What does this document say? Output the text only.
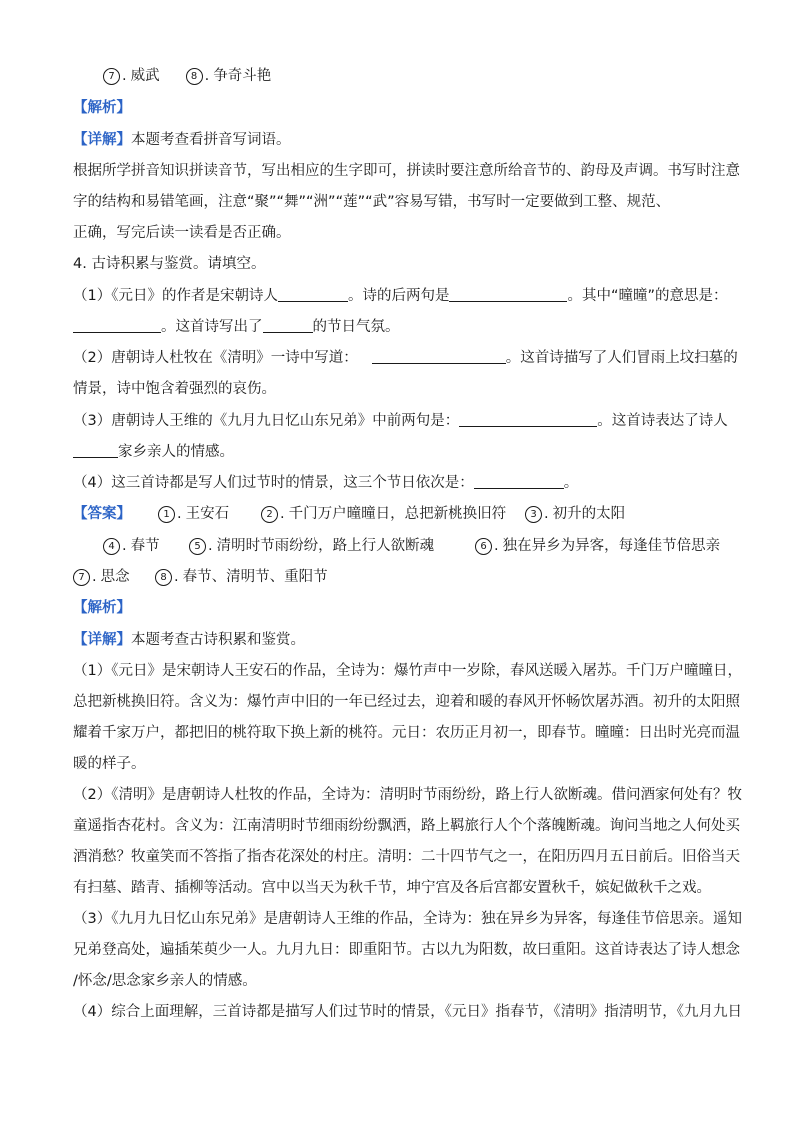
7 . 威武	8 . 争奇斗艳
【解析】
【详解】本题考查看拼音写词语。
根据所学拼音知识拼读音节，写出相应的生字即可，拼读时要注意所给音节的、韵母及声调。书写时注意
字的结构和易错笔画，注意“聚”“舞”“洲”“莲”“武”容易写错，书写时一定要做到工整、规范、
正确，写完后读一读看是否正确。
4. 古诗积累与鉴赏。请填空。
（1）《元日》的作者是宋朝诗人	。诗的后两句是	。其中“曈曈”的意思是：
。这首诗写出了	的节日气氛。
（2）唐朝诗人杜牧在《清明》一诗中写道：	。这首诗描写了人们冒雨上坟扫墓的
情景，诗中饱含着强烈的哀伤。
（3）唐朝诗人王维的《九月九日忆山东兄弟》中前两句是：	。这首诗表达了诗人
家乡亲人的情感。
（4）这三首诗都是写人们过节时的情景，这三个节日依次是：	。
【答案】	1 . 王安石	2 . 千门万户曈曈日，总把新桃换旧符 3 . 初升的太阳
4 . 春节	5 . 清明时节雨纷纷，路上行人欲断魂	6 . 独在异乡为异客，每逢佳节倍思亲
7 . 思念	8 . 春节、清明节、重阳节
【解析】
【详解】本题考查古诗积累和鉴赏。
（1）《元日》是宋朝诗人王安石的作品，全诗为：爆竹声中一岁除，春风送暖入屠苏。千门万户曈曈日，
总把新桃换旧符。含义为：爆竹声中旧的一年已经过去，迎着和暖的春风开怀畅饮屠苏酒。初升的太阳照
耀着千家万户，都把旧的桃符取下换上新的桃符。元日：农历正月初一，即春节。曈曈：日出时光亮而温
暖的样子。
（2）《清明》是唐朝诗人杜牧的作品，全诗为：清明时节雨纷纷，路上行人欲断魂。借问酒家何处有？牧
童遥指杏花村。含义为：江南清明时节细雨纷纷飘洒，路上羁旅行人个个落魄断魂。询问当地之人何处买
酒消愁？牧童笑而不答指了指杏花深处的村庄。清明：二十四节气之一，在阳历四月五日前后。旧俗当天
有扫墓、踏青、插柳等活动。宫中以当天为秋千节，坤宁宫及各后宫都安置秋千，嫔妃做秋千之戏。
（3）《九月九日忆山东兄弟》是唐朝诗人王维的作品，全诗为：独在异乡为异客，每逢佳节倍思亲。遥知
兄弟登高处，遍插茱萸少一人。九月九日：即重阳节。古以九为阳数，故曰重阳。这首诗表达了诗人想念
/怀念/思念家乡亲人的情感。
（4）综合上面理解，三首诗都是描写人们过节时的情景，《元日》指春节，《清明》指清明节，《九月九日
